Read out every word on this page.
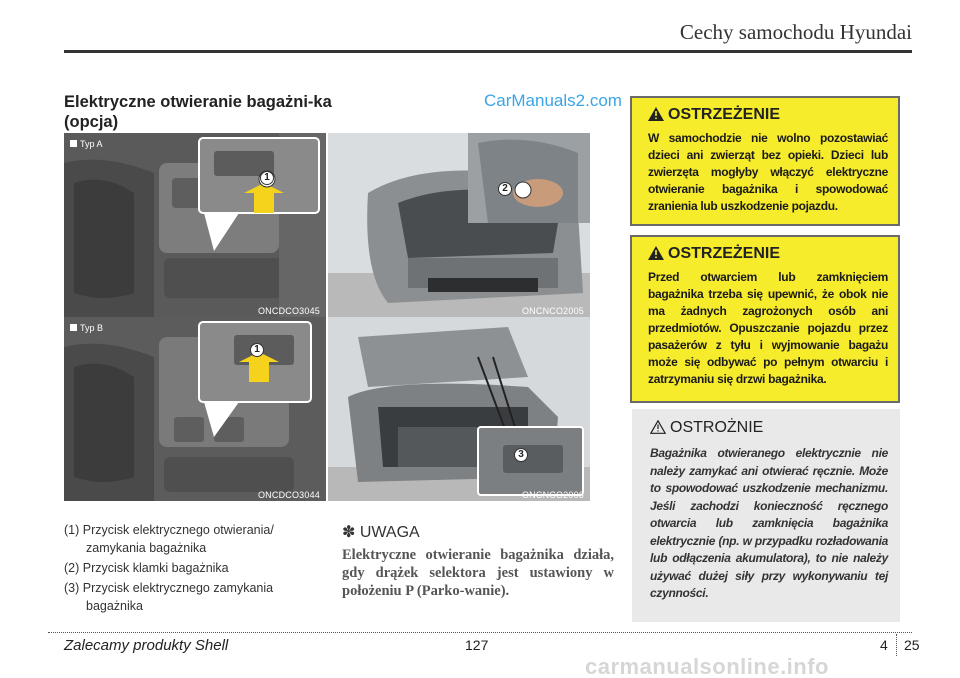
Cechy samochodu Hyundai
Elektryczne otwieranie bagażni-ka (opcja)
CarManuals2.com
Typ A
1
ONCDCO3045
2
ONCNCO2005
Typ B
1
ONCDCO3044
3
ONCNCO2006
(1) Przycisk elektrycznego otwierania/ zamykania bagażnika
(2) Przycisk klamki bagażnika
(3) Przycisk elektrycznego zamykania bagażnika
✽ UWAGA
Elektryczne otwieranie bagażnika działa, gdy drążek selektora jest ustawiony w położeniu P (Parko-wanie).
OSTRZEŻENIE
W samochodzie nie wolno pozostawiać dzieci ani zwierząt bez opieki. Dzieci lub zwierzęta mogłyby włączyć elektryczne otwieranie bagażnika i spowodować zranienia lub uszkodzenie pojazdu.
OSTRZEŻENIE
Przed otwarciem lub zamknięciem bagażnika trzeba się upewnić, że obok nie ma żadnych zagrożonych osób ani przedmiotów. Opuszczanie pojazdu przez pasażerów z tyłu i wyjmowanie bagażu może się odbywać po pełnym otwarciu i zatrzymaniu się drzwi bagażnika.
OSTROŻNIE
Bagażnika otwieranego elektrycznie nie należy zamykać ani otwierać ręcznie. Może to spowodować uszkodzenie mechanizmu. Jeśli zachodzi konieczność ręcznego otwarcia lub zamknięcia bagażnika elektrycznie (np. w przypadku rozładowania lub odłączenia akumulatora), to nie należy używać dużej siły przy wykonywaniu tej czynności.
Zalecamy produkty Shell	127	4 25
carmanualsonline.info
